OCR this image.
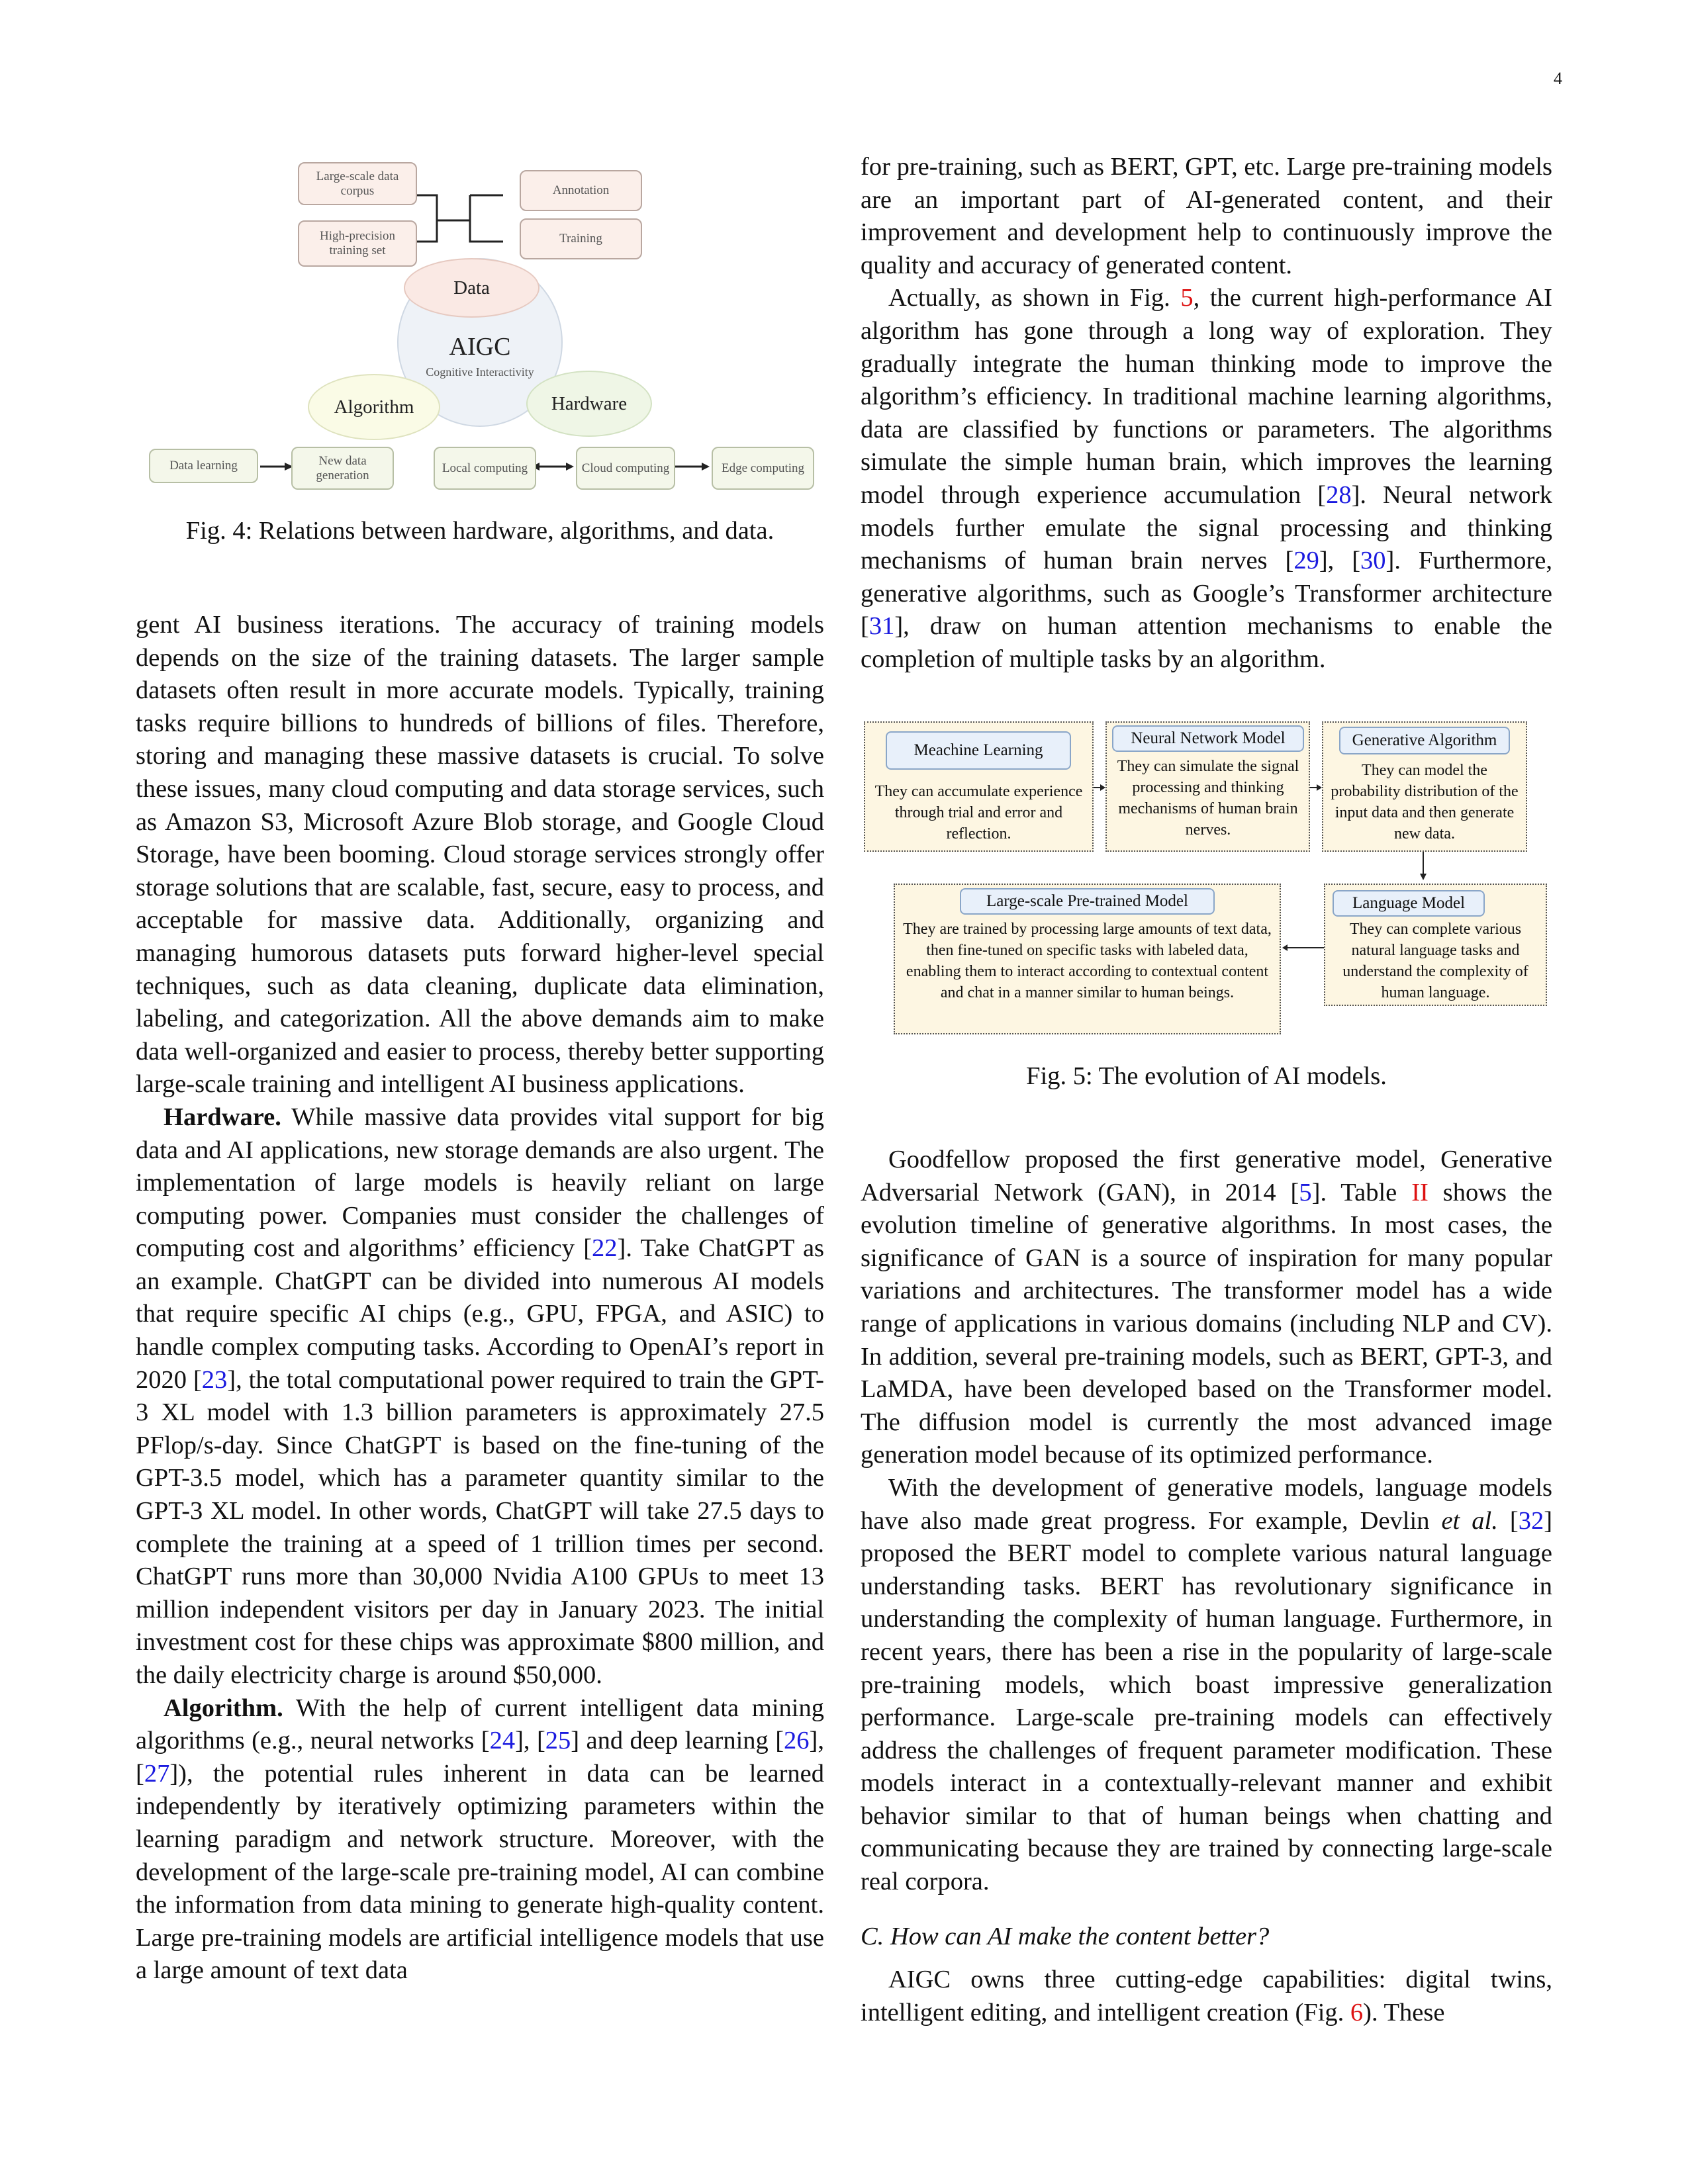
4
Large-scale data corpus
High-precision training set
Annotation
Training
AIGC
Cognitive Interactivity
Data
Algorithm	Hardware
Data learning	New data generation
Local computing	Cloud computing	Edge computing
Fig. 4: Relations between hardware, algorithms, and data.

gent AI business iterations. The accuracy of training models depends on the size of the training datasets. The larger sample datasets often result in more accurate models. Typically, training tasks require billions to hundreds of billions of files. Therefore, storing and managing these massive datasets is crucial. To solve these issues, many cloud computing and data storage services, such as Amazon S3, Microsoft Azure Blob storage, and Google Cloud Storage, have been booming. Cloud storage services strongly offer storage solutions that are scalable, fast, secure, easy to process, and acceptable for massive data. Additionally, organizing and managing humorous datasets puts forward higher-level special techniques, such as data cleaning, duplicate data elimination, labeling, and categorization. All the above demands aim to make data well-organized and easier to process, thereby better supporting large-scale training and intelligent AI business applications.

Hardware. While massive data provides vital support for big data and AI applications, new storage demands are also urgent. The implementation of large models is heavily reliant on large computing power. Companies must consider the challenges of computing cost and algorithms’ efficiency [22]. Take ChatGPT as an example. ChatGPT can be divided into numerous AI models that require specific AI chips (e.g., GPU, FPGA, and ASIC) to handle complex computing tasks. According to OpenAI’s report in 2020 [23], the total computational power required to train the GPT-3 XL model with 1.3 billion parameters is approximately 27.5 PFlop/s-day. Since ChatGPT is based on the fine-tuning of the GPT-3.5 model, which has a parameter quantity similar to the GPT-3 XL model. In other words, ChatGPT will take 27.5 days to complete the training at a speed of 1 trillion times per second. ChatGPT runs more than 30,000 Nvidia A100 GPUs to meet 13 million independent visitors per day in January 2023. The initial investment cost for these chips was approximate $800 million, and the daily electricity charge is around $50,000.

Algorithm. With the help of current intelligent data mining algorithms (e.g., neural networks [24], [25] and deep learning [26], [27]), the potential rules inherent in data can be learned independently by iteratively optimizing parameters within the learning paradigm and network structure. Moreover, with the development of the large-scale pre-training model, AI can combine the information from data mining to generate high-quality content. Large pre-training models are artificial intelligence models that use a large amount of text data

for pre-training, such as BERT, GPT, etc. Large pre-training models are an important part of AI-generated content, and their improvement and development help to continuously improve the quality and accuracy of generated content.

Actually, as shown in Fig. 5, the current high-performance AI algorithm has gone through a long way of exploration. They gradually integrate the human thinking mode to improve the algorithm’s efficiency. In traditional machine learning algorithms, data are classified by functions or parameters. The algorithms simulate the simple human brain, which improves the learning model through experience accumulation [28]. Neural network models further emulate the signal processing and thinking mechanisms of human brain nerves [29], [30]. Furthermore, generative algorithms, such as Google’s Transformer architecture [31], draw on human attention mechanisms to enable the completion of multiple tasks by an algorithm.

Meachine Learning
They can accumulate experience through trial and error and reflection.
Neural Network Model
They can simulate the signal processing and thinking mechanisms of human brain nerves.
Generative Algorithm
They can model the probability distribution of the input data and then generate new data.
Large-scale Pre-trained Model
They are trained by processing large amounts of text data, then fine-tuned on specific tasks with labeled data, enabling them to interact according to contextual content and chat in a manner similar to human beings.
Language Model
They can complete various natural language tasks and understand the complexity of human language.
Fig. 5: The evolution of AI models.

Goodfellow proposed the first generative model, Generative Adversarial Network (GAN), in 2014 [5]. Table II shows the evolution timeline of generative algorithms. In most cases, the significance of GAN is a source of inspiration for many popular variations and architectures. The transformer model has a wide range of applications in various domains (including NLP and CV). In addition, several pre-training models, such as BERT, GPT-3, and LaMDA, have been developed based on the Transformer model. The diffusion model is currently the most advanced image generation model because of its optimized performance.

With the development of generative models, language models have also made great progress. For example, Devlin et al. [32] proposed the BERT model to complete various natural language understanding tasks. BERT has revolutionary significance in understanding the complexity of human language. Furthermore, in recent years, there has been a rise in the popularity of large-scale pre-training models, which boast impressive generalization performance. Large-scale pre-training models can effectively address the challenges of frequent parameter modification. These models interact in a contextually-relevant manner and exhibit behavior similar to that of human beings when chatting and communicating because they are trained by connecting large-scale real corpora.

C. How can AI make the content better?

AIGC owns three cutting-edge capabilities: digital twins, intelligent editing, and intelligent creation (Fig. 6). These
